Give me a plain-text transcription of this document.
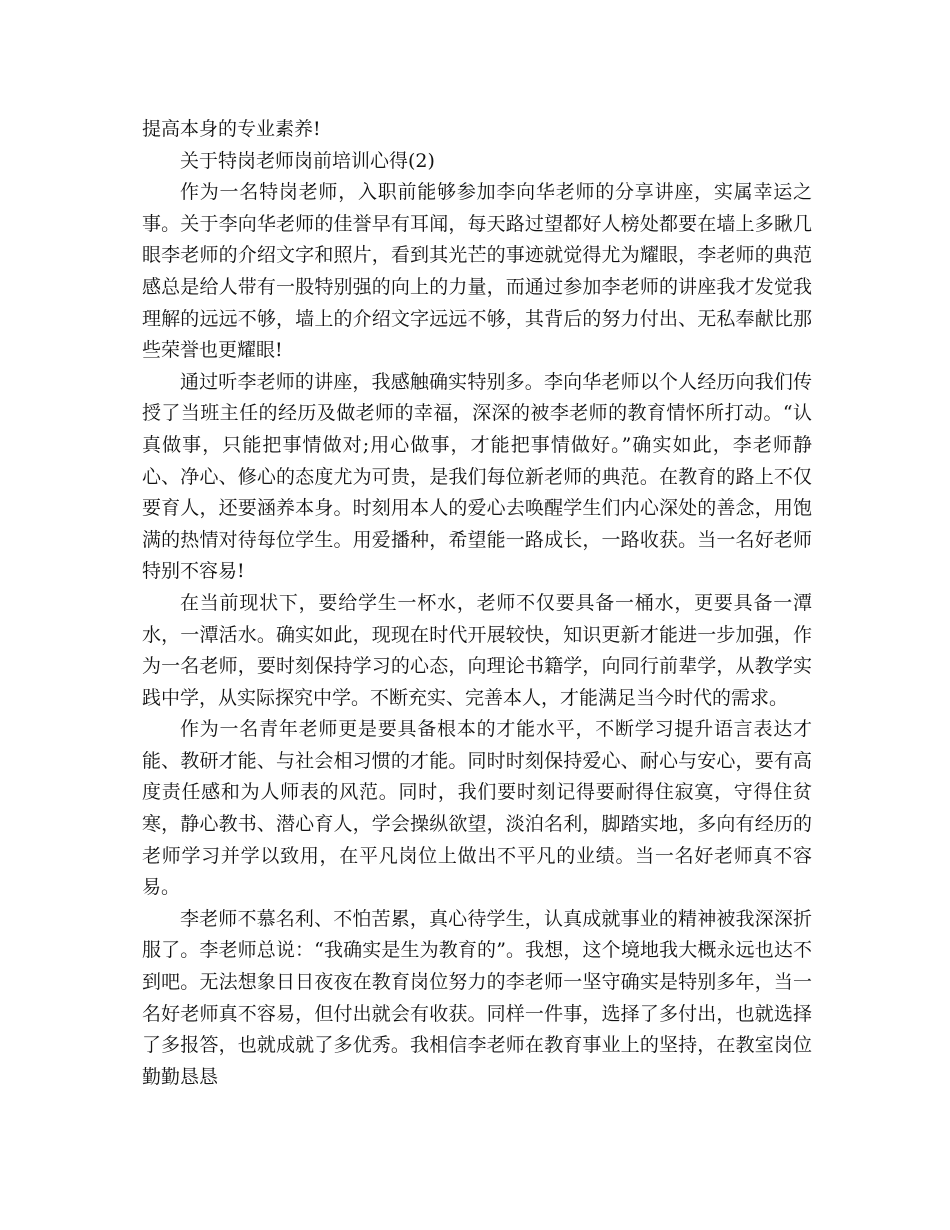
提高本身的专业素养!

关于特岗老师岗前培训心得(2)

作为一名特岗老师，入职前能够参加李向华老师的分享讲座，实属幸运之事。关于李向华老师的佳誉早有耳闻，每天路过望都好人榜处都要在墙上多瞅几眼李老师的介绍文字和照片，看到其光芒的事迹就觉得尤为耀眼，李老师的典范感总是给人带有一股特别强的向上的力量，而通过参加李老师的讲座我才发觉我理解的远远不够，墙上的介绍文字远远不够，其背后的努力付出、无私奉献比那些荣誉也更耀眼!

通过听李老师的讲座，我感触确实特别多。李向华老师以个人经历向我们传授了当班主任的经历及做老师的幸福，深深的被李老师的教育情怀所打动。“认真做事，只能把事情做对;用心做事，才能把事情做好。”确实如此，李老师静心、净心、修心的态度尤为可贵，是我们每位新老师的典范。在教育的路上不仅要育人，还要涵养本身。时刻用本人的爱心去唤醒学生们内心深处的善念，用饱满的热情对待每位学生。用爱播种，希望能一路成长，一路收获。当一名好老师特别不容易!

在当前现状下，要给学生一杯水，老师不仅要具备一桶水，更要具备一潭水，一潭活水。确实如此，现现在时代开展较快，知识更新才能进一步加强，作为一名老师，要时刻保持学习的心态，向理论书籍学，向同行前辈学，从教学实践中学，从实际探究中学。不断充实、完善本人，才能满足当今时代的需求。

作为一名青年老师更是要具备根本的才能水平，不断学习提升语言表达才能、教研才能、与社会相习惯的才能。同时时刻保持爱心、耐心与安心，要有高度责任感和为人师表的风范。同时，我们要时刻记得要耐得住寂寞，守得住贫寒，静心教书、潜心育人，学会操纵欲望，淡泊名利，脚踏实地，多向有经历的老师学习并学以致用，在平凡岗位上做出不平凡的业绩。当一名好老师真不容易。

李老师不慕名利、不怕苦累，真心待学生，认真成就事业的精神被我深深折服了。李老师总说：“我确实是生为教育的”。我想，这个境地我大概永远也达不到吧。无法想象日日夜夜在教育岗位努力的李老师一坚守确实是特别多年，当一名好老师真不容易，但付出就会有收获。同样一件事，选择了多付出，也就选择了多报答，也就成就了多优秀。我相信李老师在教育事业上的坚持，在教室岗位勤勤恳恳
